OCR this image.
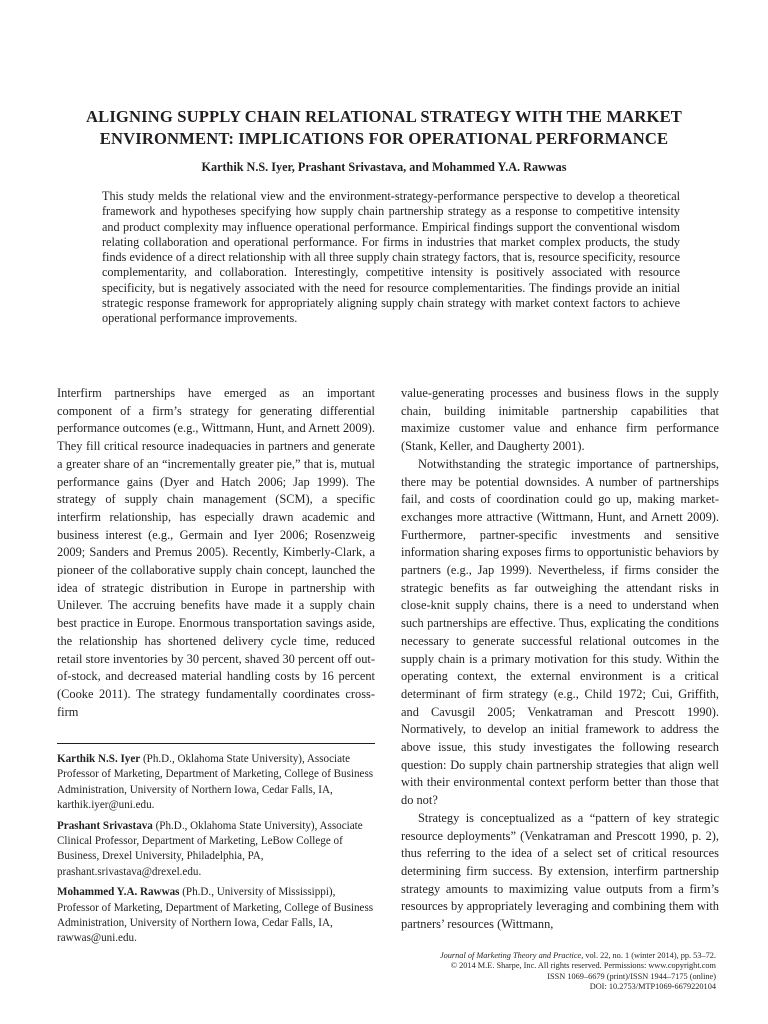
ALIGNING SUPPLY CHAIN RELATIONAL STRATEGY WITH THE MARKET
ENVIRONMENT: IMPLICATIONS FOR OPERATIONAL PERFORMANCE

Karthik N.S. Iyer, Prashant Srivastava, and Mohammed Y.A. Rawwas

This study melds the relational view and the environment-strategy-performance perspective to develop a theoretical framework and hypotheses specifying how supply chain partnership strategy as a response to competitive intensity and product complexity may influence operational performance. Empirical findings support the conventional wisdom relating collaboration and operational performance. For firms in industries that market complex products, the study finds evidence of a direct relationship with all three supply chain strategy factors, that is, resource specificity, resource complementarity, and collaboration. Interestingly, competitive intensity is positively associated with resource specificity, but is negatively associated with the need for resource complementarities. The findings provide an initial strategic response framework for appropriately aligning supply chain strategy with market context factors to achieve operational performance improvements.

Interfirm partnerships have emerged as an important component of a firm’s strategy for generating differential performance outcomes (e.g., Wittmann, Hunt, and Arnett 2009). They fill critical resource inadequacies in partners and generate a greater share of an “incrementally greater pie,” that is, mutual performance gains (Dyer and Hatch 2006; Jap 1999). The strategy of supply chain management (SCM), a specific interfirm relationship, has especially drawn academic and business interest (e.g., Germain and Iyer 2006; Rosenzweig 2009; Sanders and Premus 2005). Recently, Kimberly-Clark, a pioneer of the collaborative supply chain concept, launched the idea of strategic distribution in Europe in partnership with Unilever. The accruing benefits have made it a supply chain best practice in Europe. Enormous transportation savings aside, the relationship has shortened delivery cycle time, reduced retail store inventories by 30 percent, shaved 30 percent off out-of-stock, and decreased material handling costs by 16 percent (Cooke 2011). The strategy fundamentally coordinates cross-firm

Karthik N.S. Iyer (Ph.D., Oklahoma State University), Associate Professor of Marketing, Department of Marketing, College of Business Administration, University of Northern Iowa, Cedar Falls, IA, karthik.iyer@uni.edu.

Prashant Srivastava (Ph.D., Oklahoma State University), Associate Clinical Professor, Department of Marketing, LeBow College of Business, Drexel University, Philadelphia, PA, prashant.srivastava@drexel.edu.

Mohammed Y.A. Rawwas (Ph.D., University of Mississippi), Professor of Marketing, Department of Marketing, College of Business Administration, University of Northern Iowa, Cedar Falls, IA, rawwas@uni.edu.

value-generating processes and business flows in the supply chain, building inimitable partnership capabilities that maximize customer value and enhance firm performance (Stank, Keller, and Daugherty 2001).

Notwithstanding the strategic importance of partnerships, there may be potential downsides. A number of partnerships fail, and costs of coordination could go up, making market-exchanges more attractive (Wittmann, Hunt, and Arnett 2009). Furthermore, partner-specific investments and sensitive information sharing exposes firms to opportunistic behaviors by partners (e.g., Jap 1999). Nevertheless, if firms consider the strategic benefits as far outweighing the attendant risks in close-knit supply chains, there is a need to understand when such partnerships are effective. Thus, explicating the conditions necessary to generate successful relational outcomes in the supply chain is a primary motivation for this study. Within the operating context, the external environment is a critical determinant of firm strategy (e.g., Child 1972; Cui, Griffith, and Cavusgil 2005; Venkatraman and Prescott 1990). Normatively, to develop an initial framework to address the above issue, this study investigates the following research question: Do supply chain partnership strategies that align well with their environmental context perform better than those that do not?

Strategy is conceptualized as a “pattern of key strategic resource deployments” (Venkatraman and Prescott 1990, p. 2), thus referring to the idea of a select set of critical resources determining firm success. By extension, interfirm partnership strategy amounts to maximizing value outputs from a firm’s resources by appropriately leveraging and combining them with partners’ resources (Wittmann,

Journal of Marketing Theory and Practice, vol. 22, no. 1 (winter 2014), pp. 53–72.
© 2014 M.E. Sharpe, Inc. All rights reserved. Permissions: www.copyright.com
ISSN 1069–6679 (print)/ISSN 1944–7175 (online)
DOI: 10.2753/MTP1069-6679220104
